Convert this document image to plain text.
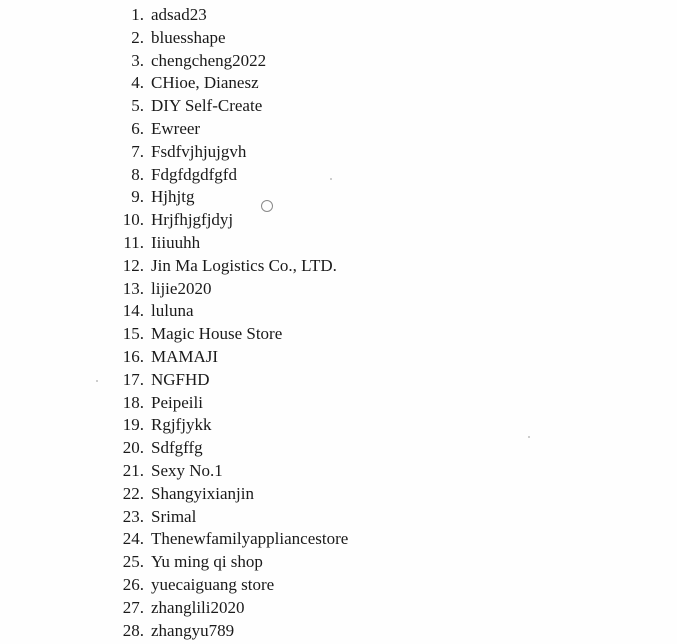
1. adsad23
2. bluesshape
3. chengcheng2022
4. CHioe, Dianesz
5. DIY Self-Create
6. Ewreer
7. Fsdfvjhjujgvh
8. Fdgfdgdfgfd
9. Hjhjtg
10. Hrjfhjgfjdyj
11. Iiiuuhh
12. Jin Ma Logistics Co., LTD.
13. lijie2020
14. luluna
15. Magic House Store
16. MAMAJI
17. NGFHD
18. Peipeili
19. Rgjfjykk
20. Sdfgffg
21. Sexy No.1
22. Shangyixianjin
23. Srimal
24. Thenewfamilyappliancestore
25. Yu ming qi shop
26. yuecaiguang store
27. zhanglili2020
28. zhangyu789
